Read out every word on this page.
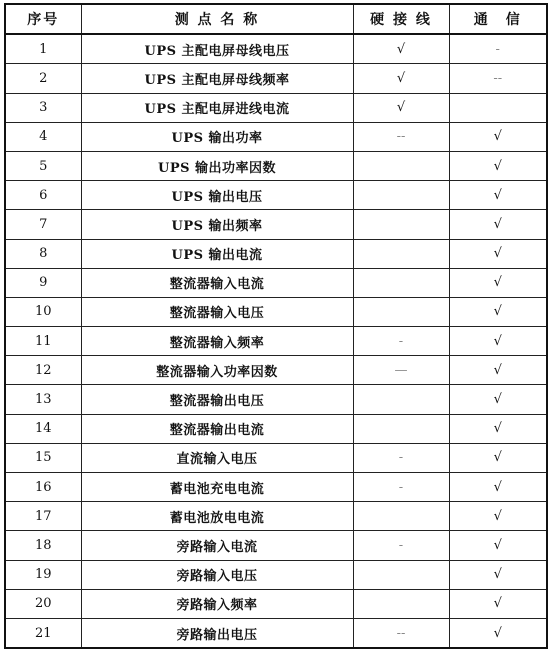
序号	测 点 名 称	硬 接 线	通　信
1	UPS 主配电屏母线电压	√	-
2	UPS 主配电屏母线频率	√	--
3	UPS 主配电屏进线电流	√	
4	UPS 输出功率	--	√
5	UPS 输出功率因数		√
6	UPS 输出电压		√
7	UPS 输出频率		√
8	UPS 输出电流		√
9	整流器输入电流		√
10	整流器输入电压		√
11	整流器输入频率	-	√
12	整流器输入功率因数	—	√
13	整流器输出电压		√
14	整流器输出电流		√
15	直流输入电压	-	√
16	蓄电池充电电流	-	√
17	蓄电池放电电流		√
18	旁路输入电流	-	√
19	旁路输入电压		√
20	旁路输入频率		√
21	旁路输出电压	--	√
